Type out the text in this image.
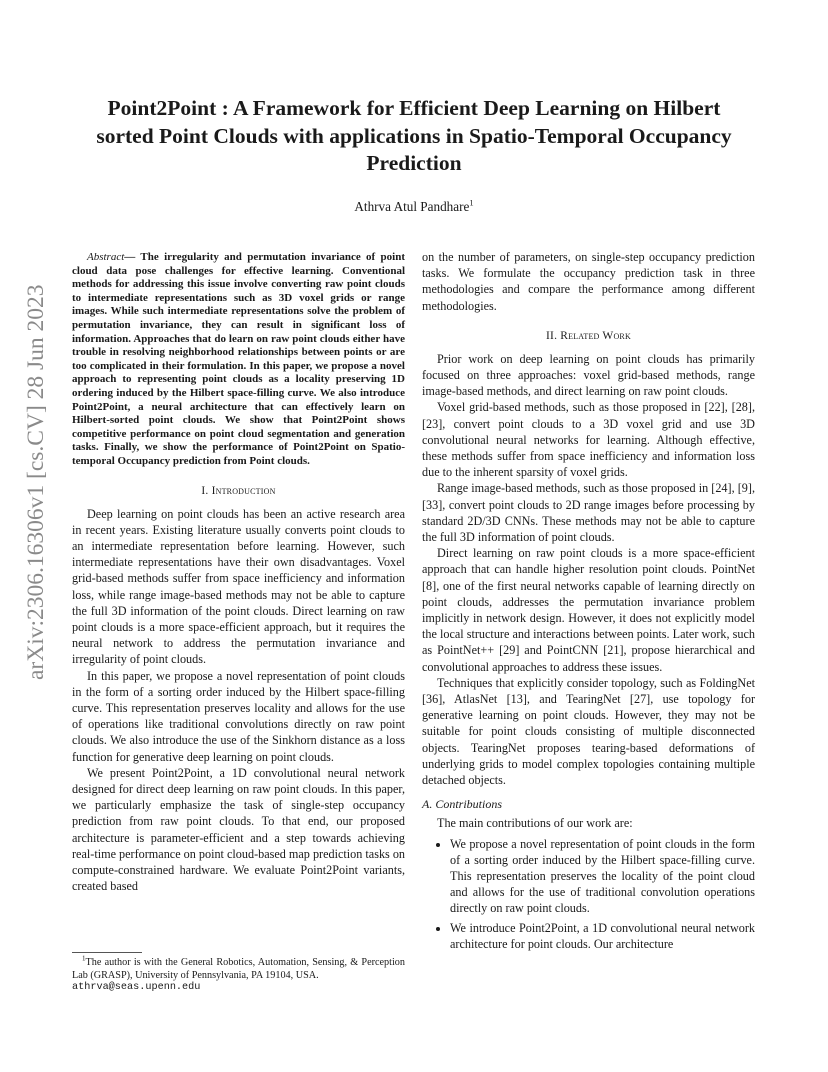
arXiv:2306.16306v1 [cs.CV] 28 Jun 2023
Point2Point : A Framework for Efficient Deep Learning on Hilbert sorted Point Clouds with applications in Spatio-Temporal Occupancy Prediction
Athrva Atul Pandhare$^1$

Abstract— The irregularity and permutation invariance of point cloud data pose challenges for effective learning. Conventional methods for addressing this issue involve converting raw point clouds to intermediate representations such as 3D voxel grids or range images. While such intermediate representations solve the problem of permutation invariance, they can result in significant loss of information. Approaches that do learn on raw point clouds either have trouble in resolving neighborhood relationships between points or are too complicated in their formulation. In this paper, we propose a novel approach to representing point clouds as a locality preserving 1D ordering induced by the Hilbert space-filling curve. We also introduce Point2Point, a neural architecture that can effectively learn on Hilbert-sorted point clouds. We show that Point2Point shows competitive performance on point cloud segmentation and generation tasks. Finally, we show the performance of Point2Point on Spatio-temporal Occupancy prediction from Point clouds.

I. Introduction

Deep learning on point clouds has been an active research area in recent years. Existing literature usually converts point clouds to an intermediate representation before learning. However, such intermediate representations have their own disadvantages. Voxel grid-based methods suffer from space inefficiency and information loss, while range image-based methods may not be able to capture the full 3D information of the point clouds. Direct learning on raw point clouds is a more space-efficient approach, but it requires the neural network to address the permutation invariance and irregularity of point clouds.

In this paper, we propose a novel representation of point clouds in the form of a sorting order induced by the Hilbert space-filling curve. This representation preserves locality and allows for the use of operations like traditional convolutions directly on raw point clouds. We also introduce the use of the Sinkhorn distance as a loss function for generative deep learning on point clouds.

We present Point2Point, a 1D convolutional neural network designed for direct deep learning on raw point clouds. In this paper, we particularly emphasize the task of single-step occupancy prediction from raw point clouds. To that end, our proposed architecture is parameter-efficient and a step towards achieving real-time performance on point cloud-based map prediction tasks on compute-constrained hardware. We evaluate Point2Point variants, created based

$^1$The author is with the General Robotics, Automation, Sensing, & Perception Lab (GRASP), University of Pennsylvania, PA 19104, USA.
athrva@seas.upenn.edu

on the number of parameters, on single-step occupancy prediction tasks. We formulate the occupancy prediction task in three methodologies and compare the performance among different methodologies.

II. Related Work

Prior work on deep learning on point clouds has primarily focused on three approaches: voxel grid-based methods, range image-based methods, and direct learning on raw point clouds.

Voxel grid-based methods, such as those proposed in [22], [28], [23], convert point clouds to a 3D voxel grid and use 3D convolutional neural networks for learning. Although effective, these methods suffer from space inefficiency and information loss due to the inherent sparsity of voxel grids.

Range image-based methods, such as those proposed in [24], [9], [33], convert point clouds to 2D range images before processing by standard 2D/3D CNNs. These methods may not be able to capture the full 3D information of point clouds.

Direct learning on raw point clouds is a more space-efficient approach that can handle higher resolution point clouds. PointNet [8], one of the first neural networks capable of learning directly on point clouds, addresses the permutation invariance problem implicitly in network design. However, it does not explicitly model the local structure and interactions between points. Later work, such as PointNet++ [29] and PointCNN [21], propose hierarchical and convolutional approaches to address these issues.

Techniques that explicitly consider topology, such as FoldingNet [36], AtlasNet [13], and TearingNet [27], use topology for generative learning on point clouds. However, they may not be suitable for point clouds consisting of multiple disconnected objects. TearingNet proposes tearing-based deformations of underlying grids to model complex topologies containing multiple detached objects.

A. Contributions

The main contributions of our work are:

• We propose a novel representation of point clouds in the form of a sorting order induced by the Hilbert space-filling curve. This representation preserves the locality of the point cloud and allows for the use of traditional convolution operations directly on raw point clouds.
• We introduce Point2Point, a 1D convolutional neural network architecture for point clouds. Our architecture
